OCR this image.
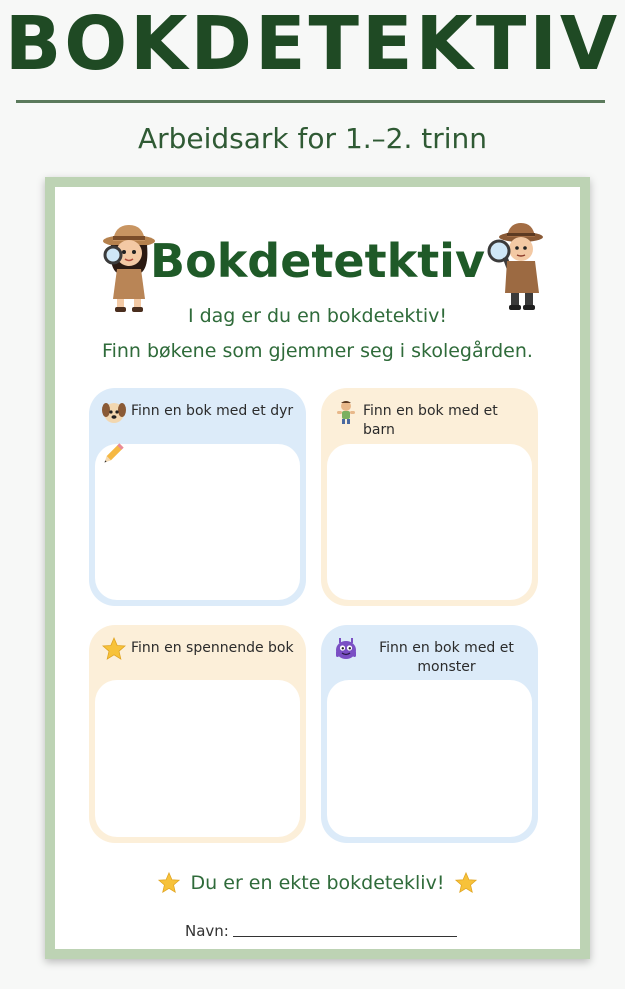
BOKDETEKTIV
Arbeidsark for 1.–2. trinn
Bokdetetktiv
I dag er du en bokdetektiv!
Finn bøkene som gjemmer seg i skolegården.
Finn en bok med et dyr	Finn en bok med et barn
Finn en spennende bok	Finn en bok med et monster
Du er en ekte bokdetekliv!
Navn:
